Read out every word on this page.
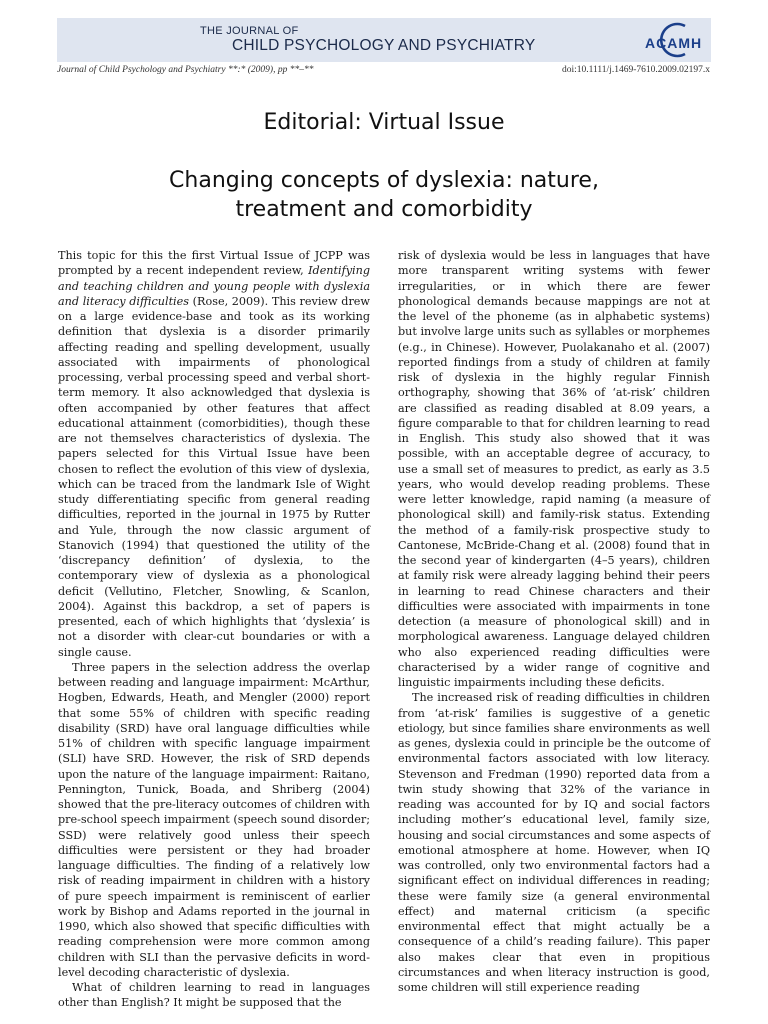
THE JOURNAL OF
CHILD PSYCHOLOGY AND PSYCHIATRY	ACAMH
Journal of Child Psychology and Psychiatry **:* (2009), pp **–**	doi:10.1111/j.1469-7610.2009.02197.x
Editorial: Virtual Issue
Changing concepts of dyslexia: nature,
treatment and comorbidity

This topic for this the first Virtual Issue of JCPP was prompted by a recent independent review, Identifying and teaching children and young people with dyslexia and literacy difficulties (Rose, 2009). This review drew on a large evidence-base and took as its working definition that dyslexia is a disorder primarily affecting reading and spelling development, usually associated with impairments of phonological processing, verbal processing speed and verbal short-term memory. It also acknowledged that dyslexia is often accompanied by other features that affect educational attainment (comorbidities), though these are not themselves characteristics of dyslexia. The papers selected for this Virtual Issue have been chosen to reflect the evolution of this view of dyslexia, which can be traced from the landmark Isle of Wight study differentiating specific from general reading difficulties, reported in the journal in 1975 by Rutter and Yule, through the now classic argument of Stanovich (1994) that questioned the utility of the ‘discrepancy definition’ of dyslexia, to the contemporary view of dyslexia as a phonological deficit (Vellutino, Fletcher, Snowling, & Scanlon, 2004). Against this backdrop, a set of papers is presented, each of which highlights that ‘dyslexia’ is not a disorder with clear-cut boundaries or with a single cause.

Three papers in the selection address the overlap between reading and language impairment: McArthur, Hogben, Edwards, Heath, and Mengler (2000) report that some 55% of children with specific reading disability (SRD) have oral language difficulties while 51% of children with specific language impairment (SLI) have SRD. However, the risk of SRD depends upon the nature of the language impairment: Raitano, Pennington, Tunick, Boada, and Shriberg (2004) showed that the pre-literacy outcomes of children with pre-school speech impairment (speech sound disorder; SSD) were relatively good unless their speech difficulties were persistent or they had broader language difficulties. The finding of a relatively low risk of reading impairment in children with a history of pure speech impairment is reminiscent of earlier work by Bishop and Adams reported in the journal in 1990, which also showed that specific difficulties with reading comprehension were more common among children with SLI than the pervasive deficits in word-level decoding characteristic of dyslexia.

What of children learning to read in languages other than English? It might be supposed that the

risk of dyslexia would be less in languages that have more transparent writing systems with fewer irregularities, or in which there are fewer phonological demands because mappings are not at the level of the phoneme (as in alphabetic systems) but involve large units such as syllables or morphemes (e.g., in Chinese). However, Puolakanaho et al. (2007) reported findings from a study of children at family risk of dyslexia in the highly regular Finnish orthography, showing that 36% of ‘at-risk’ children are classified as reading disabled at 8.09 years, a figure comparable to that for children learning to read in English. This study also showed that it was possible, with an acceptable degree of accuracy, to use a small set of measures to predict, as early as 3.5 years, who would develop reading problems. These were letter knowledge, rapid naming (a measure of phonological skill) and family-risk status. Extending the method of a family-risk prospective study to Cantonese, McBride-Chang et al. (2008) found that in the second year of kindergarten (4–5 years), children at family risk were already lagging behind their peers in learning to read Chinese characters and their difficulties were associated with impairments in tone detection (a measure of phonological skill) and in morphological awareness. Language delayed children who also experienced reading difficulties were characterised by a wider range of cognitive and linguistic impairments including these deficits.

The increased risk of reading difficulties in children from ‘at-risk’ families is suggestive of a genetic etiology, but since families share environments as well as genes, dyslexia could in principle be the outcome of environmental factors associated with low literacy. Stevenson and Fredman (1990) reported data from a twin study showing that 32% of the variance in reading was accounted for by IQ and social factors including mother’s educational level, family size, housing and social circumstances and some aspects of emotional atmosphere at home. However, when IQ was controlled, only two environmental factors had a significant effect on individual differences in reading; these were family size (a general environmental effect) and maternal criticism (a specific environmental effect that might actually be a consequence of a child’s reading failure). This paper also makes clear that even in propitious circumstances and when literacy instruction is good, some children will still experience reading
